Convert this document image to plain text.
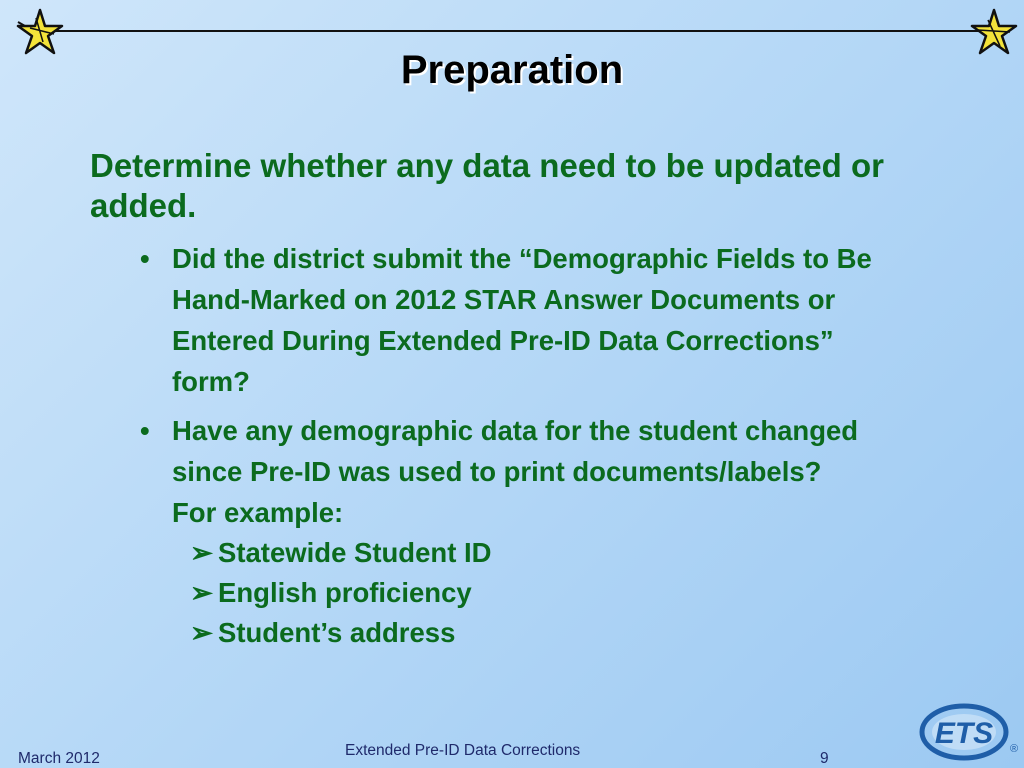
Preparation
Determine whether any data need to be updated or added.
• Did the district submit the “Demographic Fields to Be Hand-Marked on 2012 STAR Answer Documents or Entered During Extended Pre-ID Data Corrections” form?
• Have any demographic data for the student changed since Pre-ID was used to print documents/labels?
For example:
➢ Statewide Student ID
➢ English proficiency
➢ Student’s address
March 2012	Extended Pre-ID Data Corrections	9
ETS ®
